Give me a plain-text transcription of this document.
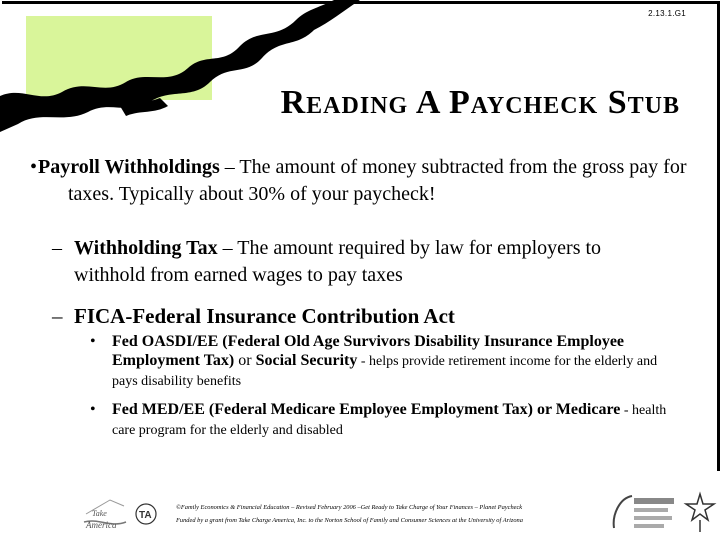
2.13.1.G1
Reading A Paycheck Stub
• Payroll Withholdings – The amount of money subtracted from the gross pay for taxes. Typically about 30% of your paycheck!
– Withholding Tax – The amount required by law for employers to withhold from earned wages to pay taxes
– FICA-Federal Insurance Contribution Act
• Fed OASDI/EE (Federal Old Age Survivors Disability Insurance Employee Employment Tax) or Social Security - helps provide retirement income for the elderly and pays disability benefits
• Fed MED/EE (Federal Medicare Employee Employment Tax) or Medicare - health care program for the elderly and disabled
Take
America
TA
©Family Economics & Financial Education – Revised February 2006 –Get Ready to Take Charge of Your Finances – Planet Paycheck
Funded by a grant from Take Charge America, Inc. to the Norton School of Family and Consumer Sciences at the University of Arizona
